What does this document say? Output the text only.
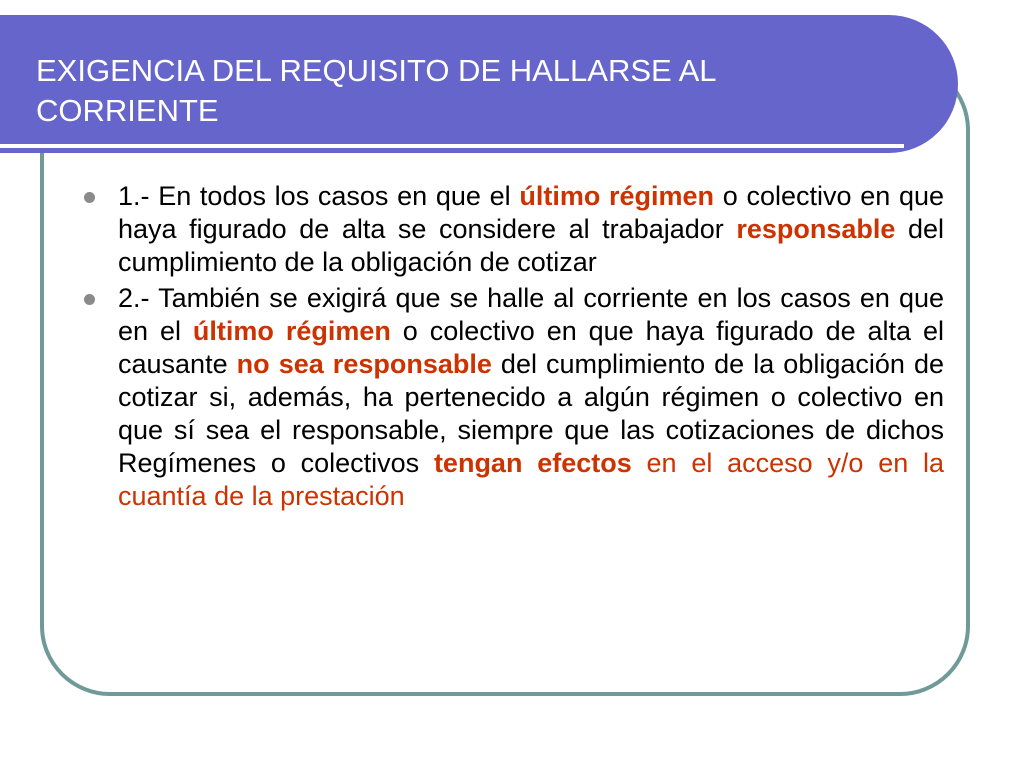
EXIGENCIA DEL REQUISITO DE HALLARSE AL CORRIENTE
1.- En todos los casos en que el último régimen o colectivo en que haya figurado de alta se considere al trabajador responsable del cumplimiento de la obligación de cotizar
2.- También se exigirá que se halle al corriente en los casos en que en el último régimen o colectivo en que haya figurado de alta el causante no sea responsable del cumplimiento de la obligación de cotizar si, además, ha pertenecido a algún régimen o colectivo en que sí sea el responsable, siempre que las cotizaciones de dichos Regímenes o colectivos tengan efectos en el acceso y/o en la cuantía de la prestación
